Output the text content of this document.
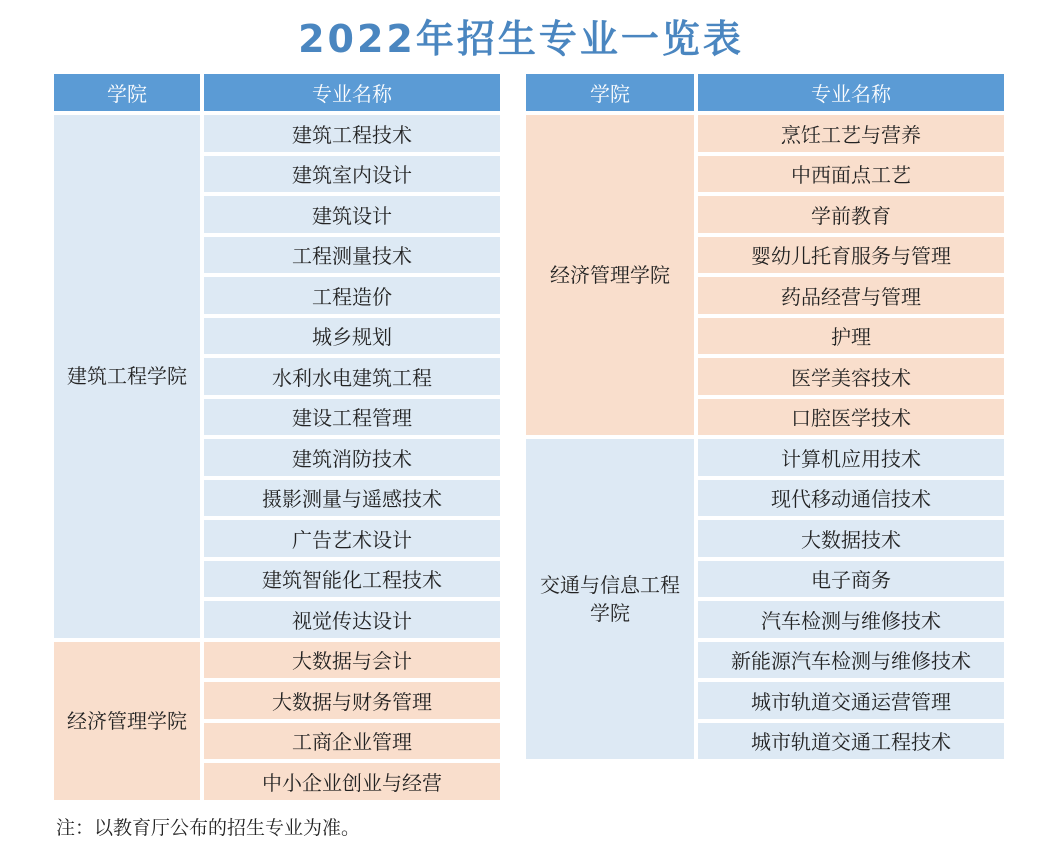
2022年招生专业一览表
学院	专业名称
建筑工程学院	建筑工程技术
	建筑室内设计
	建筑设计
	工程测量技术
	工程造价
	城乡规划
	水利水电建筑工程
	建设工程管理
	建筑消防技术
	摄影测量与遥感技术
	广告艺术设计
	建筑智能化工程技术
	视觉传达设计
经济管理学院	大数据与会计
	大数据与财务管理
	工商企业管理
	中小企业创业与经营
学院	专业名称
经济管理学院	烹饪工艺与营养
	中西面点工艺
	学前教育
	婴幼儿托育服务与管理
	药品经营与管理
	护理
	医学美容技术
	口腔医学技术

交通与信息工程
学院	计算机应用技术
	现代移动通信技术
	大数据技术
	电子商务
	汽车检测与维修技术
	新能源汽车检测与维修技术
	城市轨道交通运营管理
	城市轨道交通工程技术
注：以教育厅公布的招生专业为准。
